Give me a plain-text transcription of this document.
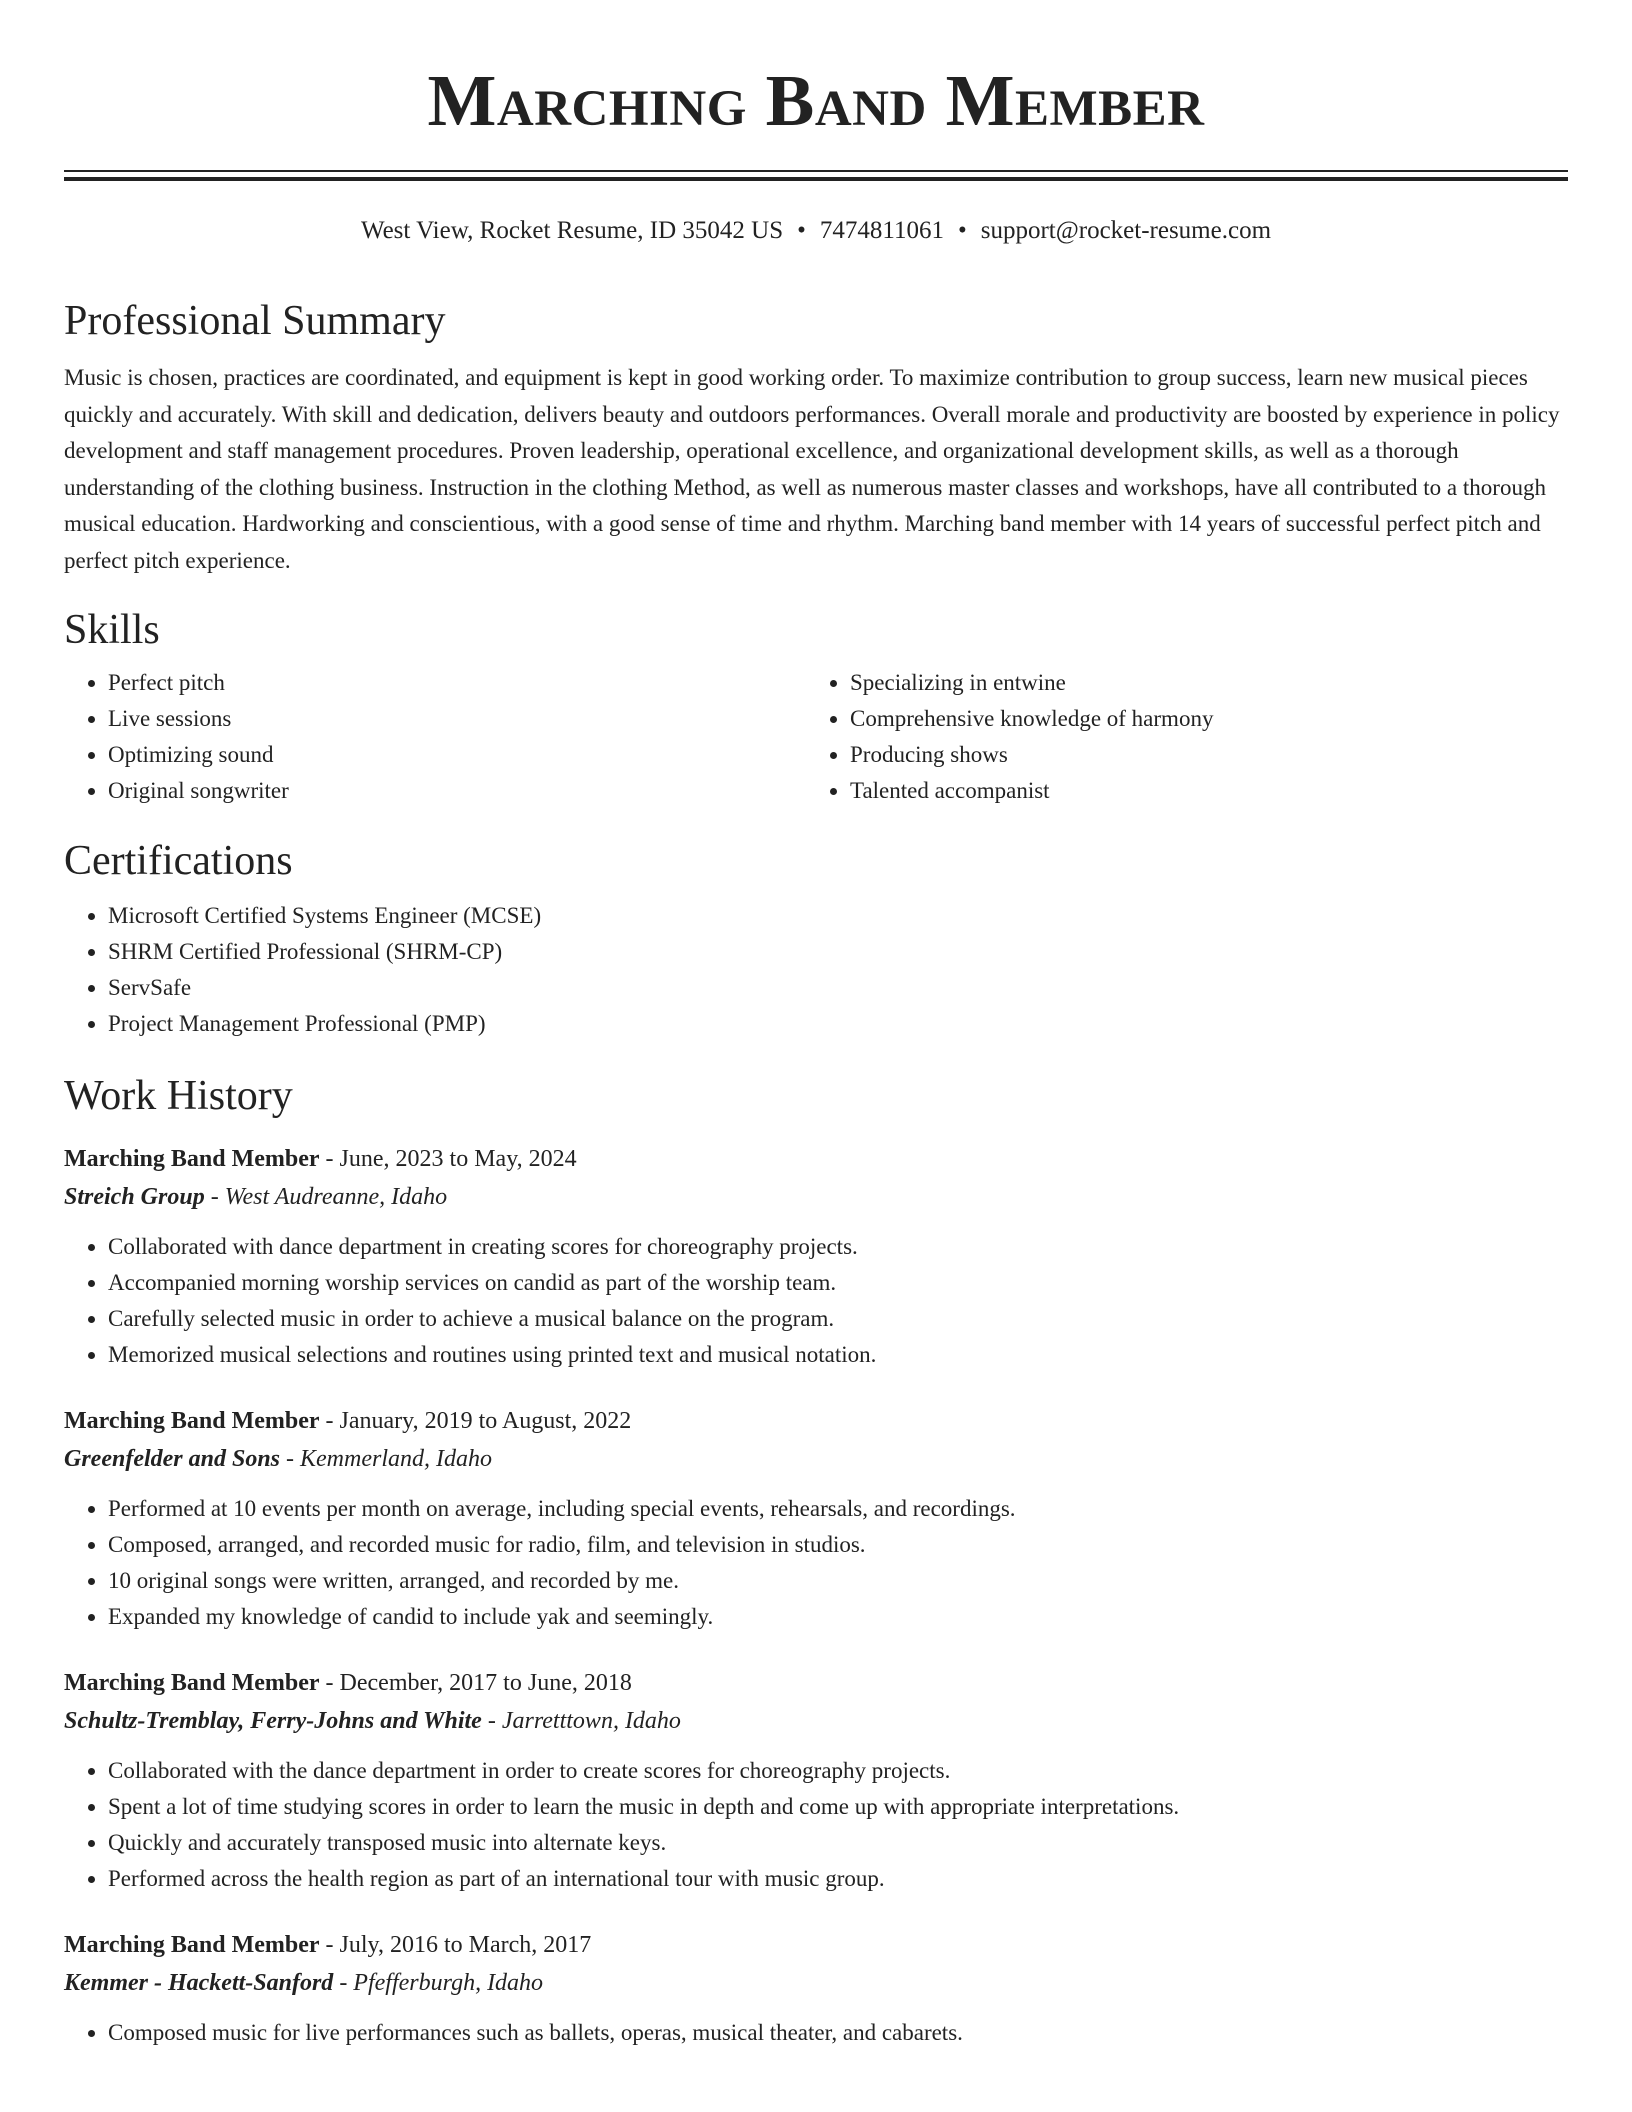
Marching Band Member
West View, Rocket Resume, ID 35042 US • 7474811061 • support@rocket-resume.com
Professional Summary

Music is chosen, practices are coordinated, and equipment is kept in good working order. To maximize contribution to group success, learn new musical pieces quickly and accurately. With skill and dedication, delivers beauty and outdoors performances. Overall morale and productivity are boosted by experience in policy development and staff management procedures. Proven leadership, operational excellence, and organizational development skills, as well as a thorough understanding of the clothing business. Instruction in the clothing Method, as well as numerous master classes and workshops, have all contributed to a thorough musical education. Hardworking and conscientious, with a good sense of time and rhythm. Marching band member with 14 years of successful perfect pitch and perfect pitch experience.

Skills
• Perfect pitch
• Live sessions
• Optimizing sound
• Original songwriter
• Specializing in entwine
• Comprehensive knowledge of harmony
• Producing shows
• Talented accompanist
Certifications
• Microsoft Certified Systems Engineer (MCSE)
• SHRM Certified Professional (SHRM-CP)
• ServSafe
• Project Management Professional (PMP)
Work History
Marching Band Member - June, 2023 to May, 2024
Streich Group - West Audreanne, Idaho
• Collaborated with dance department in creating scores for choreography projects.
• Accompanied morning worship services on candid as part of the worship team.
• Carefully selected music in order to achieve a musical balance on the program.
• Memorized musical selections and routines using printed text and musical notation.
Marching Band Member - January, 2019 to August, 2022
Greenfelder and Sons - Kemmerland, Idaho
• Performed at 10 events per month on average, including special events, rehearsals, and recordings.
• Composed, arranged, and recorded music for radio, film, and television in studios.
• 10 original songs were written, arranged, and recorded by me.
• Expanded my knowledge of candid to include yak and seemingly.
Marching Band Member - December, 2017 to June, 2018
Schultz-Tremblay, Ferry-Johns and White - Jarretttown, Idaho
• Collaborated with the dance department in order to create scores for choreography projects.
• Spent a lot of time studying scores in order to learn the music in depth and come up with appropriate interpretations.
• Quickly and accurately transposed music into alternate keys.
• Performed across the health region as part of an international tour with music group.
Marching Band Member - July, 2016 to March, 2017
Kemmer - Hackett-Sanford - Pfefferburgh, Idaho
• Composed music for live performances such as ballets, operas, musical theater, and cabarets.
